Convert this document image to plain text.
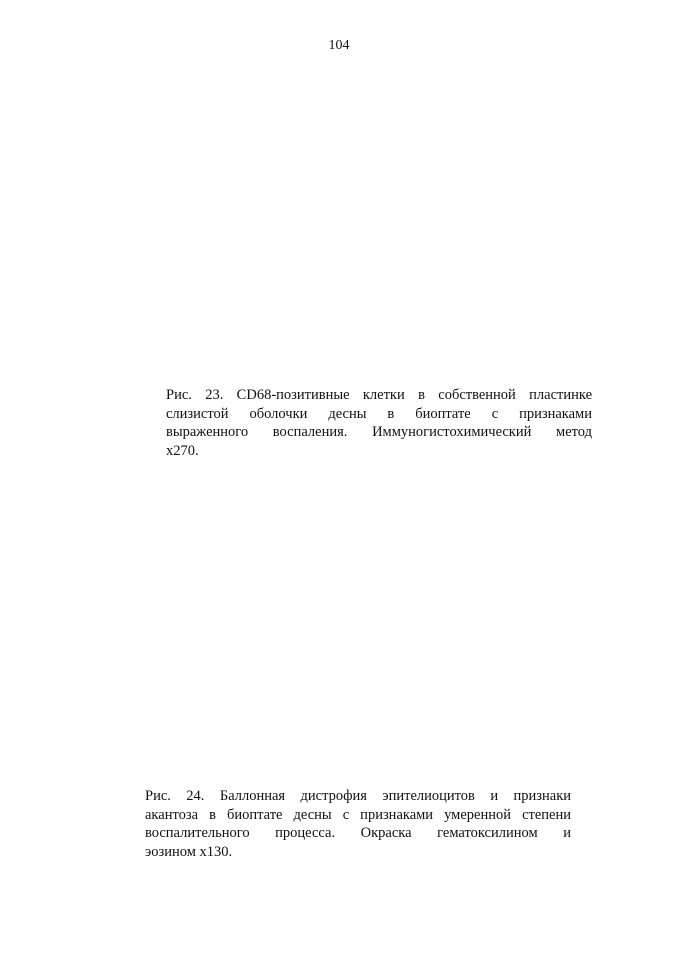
104
Рис. 23. CD68-позитивные клетки в собственной пластинке
слизистой оболочки десны в биоптате с признаками
выраженного воспаления. Иммуногистохимический метод
x270.
Рис. 24. Баллонная дистрофия эпителиоцитов и признаки
акантоза в биоптате десны с признаками умеренной степени
воспалительного процесса. Окраска гематоксилином и
эозином x130.
